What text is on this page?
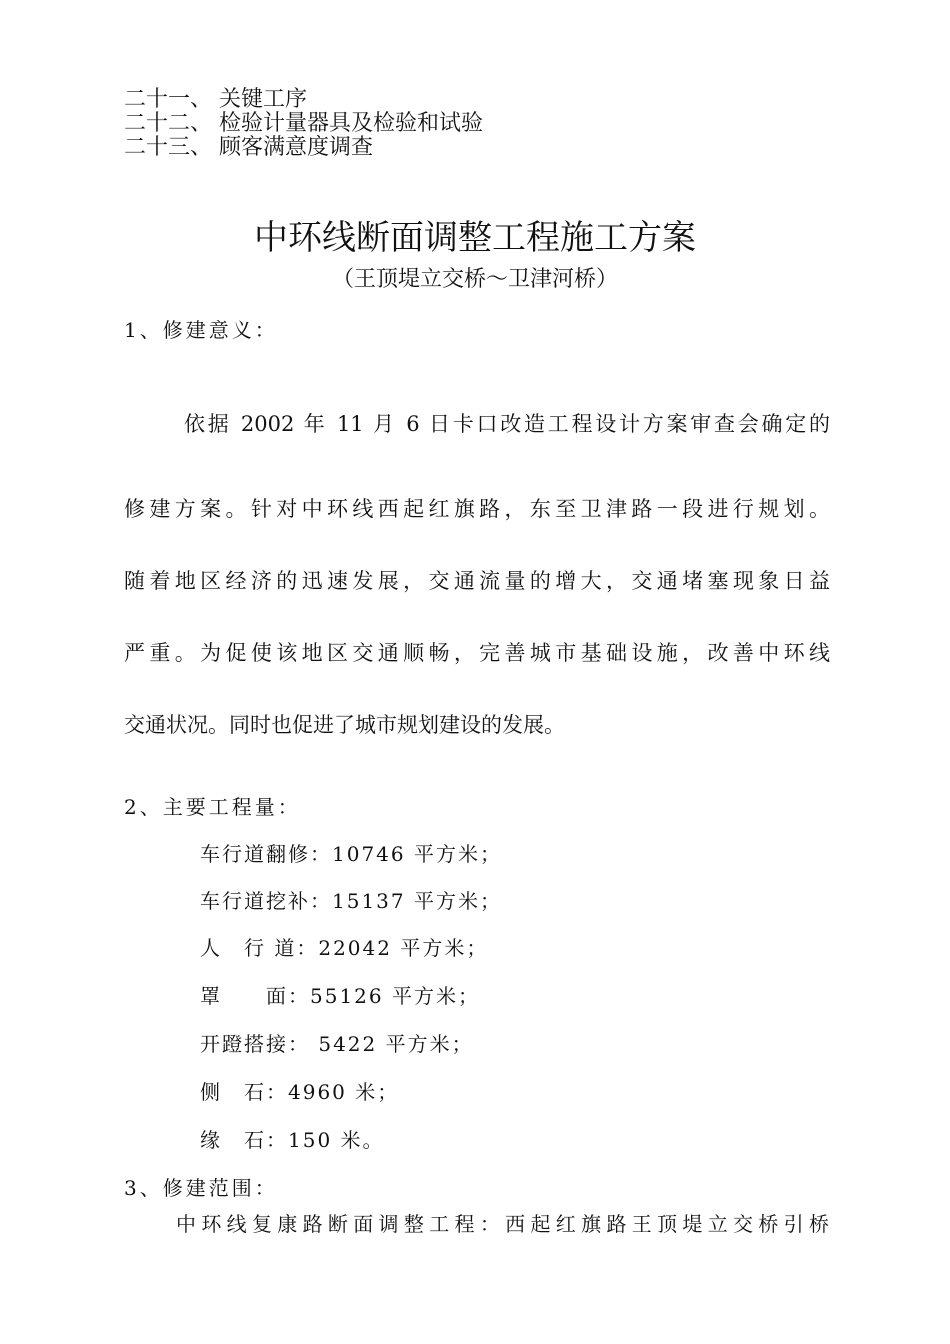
二十一、 关键工序
二十二、 检验计量器具及检验和试验
二十三、 顾客满意度调查
中环线断面调整工程施工方案
（王顶堤立交桥～卫津河桥）
1、修建意义：
依据 2002 年 11 月 6 日卡口改造工程设计方案审查会确定的
修建方案。针对中环线西起红旗路，东至卫津路一段进行规划。
随着地区经济的迅速发展，交通流量的增大，交通堵塞现象日益
严重。为促使该地区交通顺畅，完善城市基础设施，改善中环线
交通状况。同时也促进了城市规划建设的发展。
2、主要工程量：
车行道翻修：10746 平方米；
车行道挖补：15137 平方米；
人　行 道：22042 平方米；
罩　　面：55126 平方米；
开蹬搭接： 5422 平方米；
侧　石：4960 米；
缘　石：150 米。
3、修建范围：
中环线复康路断面调整工程：西起红旗路王顶堤立交桥引桥
